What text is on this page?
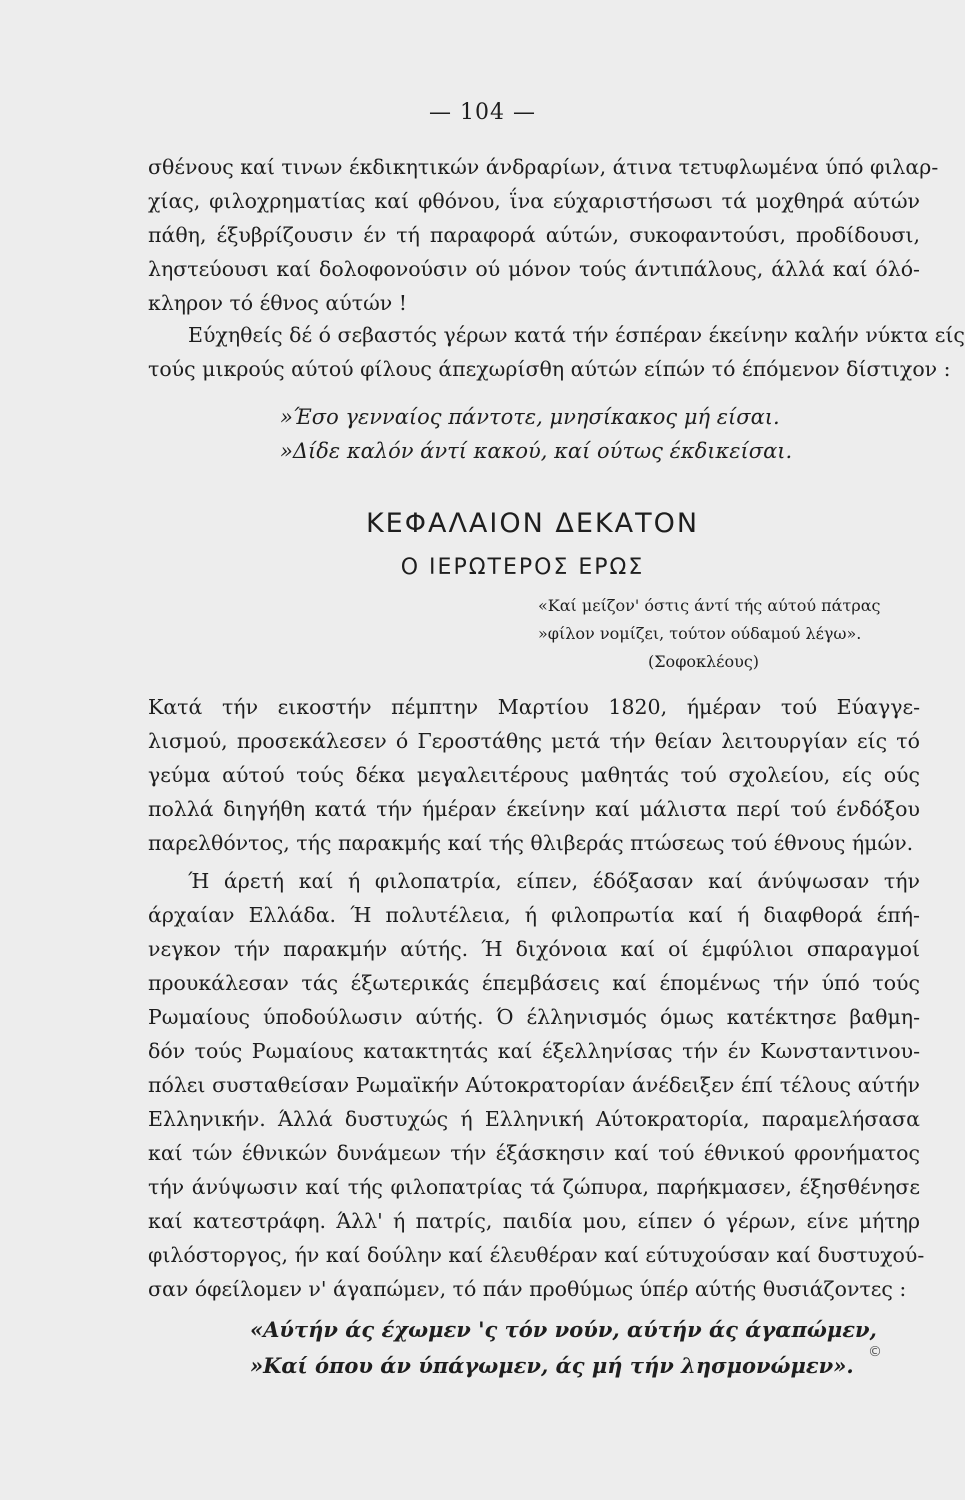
— 104 —
σθένους καί τινων έκδικητικών άνδραρίων, άτινα τετυφλωμένα ύπό φιλαρ-
χίας, φιλοχρηματίας καί φθόνου, ΐνα εύχαριστήσωσι τά μοχθηρά αύτών
πάθη, έξυβρίζουσιν έν τή παραφορά αύτών, συκοφαντούσι, προδίδουσι,
ληστεύουσι καί δολοφονούσιν ού μόνον τούς άντιπάλους, άλλά καί όλό-
κληρον τό έθνος αύτών !
Εύχηθείς δέ ό σεβαστός γέρων κατά τήν έσπέραν έκείνην καλήν νύκτα είς
τούς μικρούς αύτού φίλους άπεχωρίσθη αύτών είπών τό έπόμενον δίστιχον :
»Έσο γενναίος πάντοτε, μνησίκακος μή είσαι.
»Δίδε καλόν άντί κακού, καί ούτως έκδικείσαι.
ΚΕΦΑΛΑΙΟΝ ΔΕΚΑΤΟΝ
Ο ΙΕΡΩΤΕΡΟΣ ΕΡΩΣ
«Καί μείζον' όστις άντί τής αύτού πάτρας
»φίλον νομίζει, τούτον ούδαμού λέγω».
(Σοφοκλέους)
Κατά τήν εικοστήν πέμπτην Μαρτίου 1820, ήμέραν τού Εύαγγε-
λισμού, προσεκάλεσεν ό Γεροστάθης μετά τήν θείαν λειτουργίαν είς τό
γεύμα αύτού τούς δέκα μεγαλειτέρους μαθητάς τού σχολείου, είς ούς
πολλά διηγήθη κατά τήν ήμέραν έκείνην καί μάλιστα περί τού ένδόξου
παρελθόντος, τής παρακμής καί τής θλιβεράς πτώσεως τού έθνους ήμών.
Ή άρετή καί ή φιλοπατρία, είπεν, έδόξασαν καί άνύψωσαν τήν
άρχαίαν Ελλάδα. Ή πολυτέλεια, ή φιλοπρωτία καί ή διαφθορά έπή-
νεγκον τήν παρακμήν αύτής. Ή διχόνοια καί οί έμφύλιοι σπαραγμοί
προυκάλεσαν τάς έξωτερικάς έπεμβάσεις καί έπομένως τήν ύπό τούς
Ρωμαίους ύποδούλωσιν αύτής. Ό έλληνισμός όμως κατέκτησε βαθμη-
δόν τούς Ρωμαίους κατακτητάς καί έξελληνίσας τήν έν Κωνσταντινου-
πόλει συσταθείσαν Ρωμαϊκήν Αύτοκρατορίαν άνέδειξεν έπί τέλους αύτήν
Ελληνικήν. Άλλά δυστυχώς ή Ελληνική Αύτοκρατορία, παραμελήσασα
καί τών έθνικών δυνάμεων τήν έξάσκησιν καί τού έθνικού φρονήματος
τήν άνύψωσιν καί τής φιλοπατρίας τά ζώπυρα, παρήκμασεν, έξησθένησε
καί κατεστράφη. Άλλ' ή πατρίς, παιδία μου, είπεν ό γέρων, είνε μήτηρ
φιλόστοργος, ήν καί δούλην καί έλευθέραν καί εύτυχούσαν καί δυστυχού-
σαν όφείλομεν ν' άγαπώμεν, τό πάν προθύμως ύπέρ αύτής θυσιάζοντες :
«Αύτήν άς έχωμεν 'ς τόν νούν, αύτήν άς άγαπώμεν,
»Καί όπου άν ύπάγωμεν, άς μή τήν λησμονώμεν».
©
